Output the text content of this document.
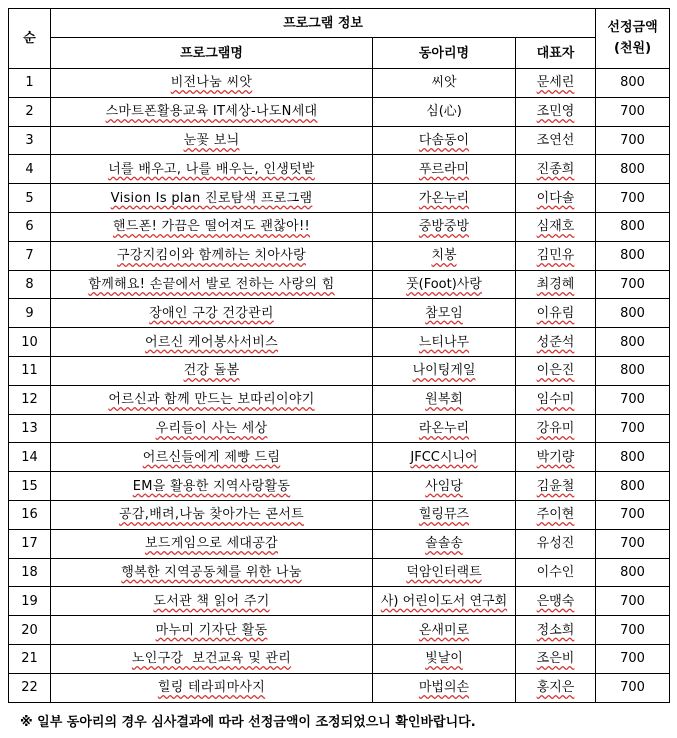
순	프로그램 정보			선정금액
(천원)
	프로그램명	동아리명	대표자	
1	비전나눔 씨앗	씨앗	문세린	800
2	스마트폰활용교육 IT세상-나도N세대	심(心)	조민영	700
3	눈꽃 보늬	다솜동이	조연선	700
4	너를 배우고, 나를 배우는, 인생텃밭	푸르라미	진종희	800
5	Vision Is plan 진로탐색 프로그램	가온누리	이다솔	700
6	핸드폰! 가끔은 떨어져도 괜찮아!!	중방중방	심재호	800
7	구강지킴이와 함께하는 치아사랑	치봉	김민유	800
8	함께해요! 손끝에서 발로 전하는 사랑의 힘	풋(Foot)사랑	최경혜	700
9	장애인 구강 건강관리	참모임	이유림	800
10	어르신 케어봉사서비스	느티나무	성준석	800
11	건강 돌봄	나이팅게일	이은진	800
12	어르신과 함께 만드는 보따리이야기	원복회	임수미	700
13	우리들이 사는 세상	라온누리	강유미	700
14	어르신들에게 제빵 드림	JFCC시니어	박기량	800
15	EM을 활용한 지역사랑활동	사임당	김윤철	800
16	공감,배려,나눔 찾아가는 콘서트	힐링뮤즈	주이현	700
17	보드게임으로 세대공감	솔솔송	유성진	700
18	행복한 지역공동체를 위한 나눔	덕암인터랙트	이수인	800
19	도서관 책 읽어 주기	사) 어린이도서 연구회	은맹숙	700
20	마누미 기자단 활동	온새미로	정소희	700
21	노인구강  보건교육 및 관리	빛날이	조은비	700
22	힐링 테라피마사지	마법의손	홍지은	700
※ 일부 동아리의 경우 심사결과에 따라 선정금액이 조정되었으니 확인바랍니다.
